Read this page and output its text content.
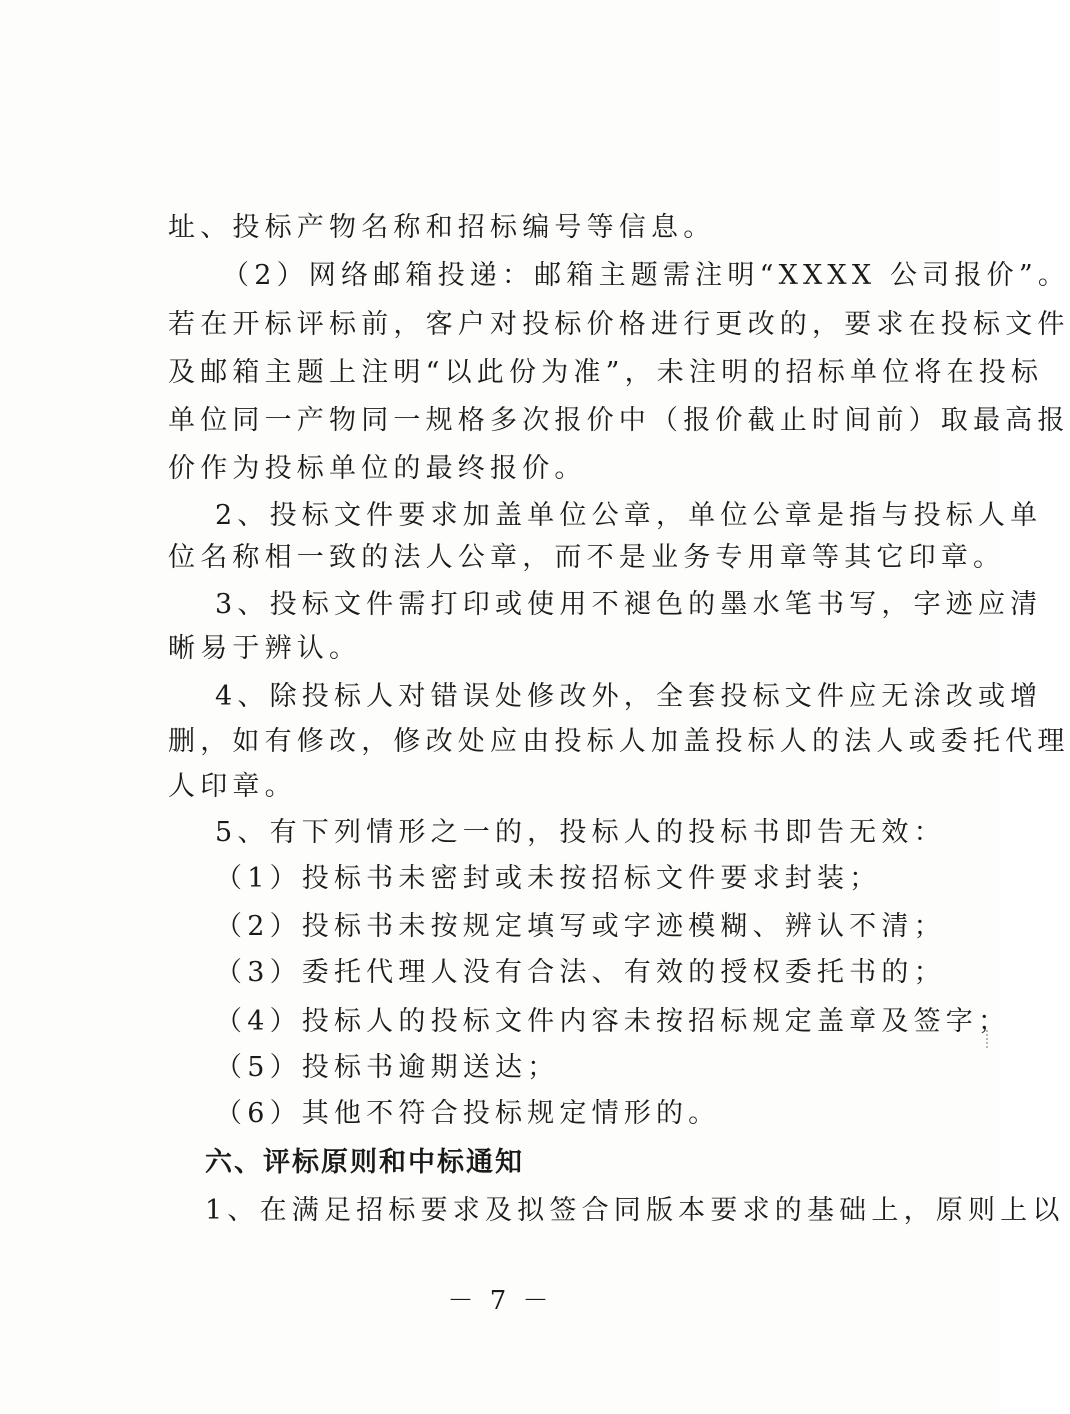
址、投标产物名称和招标编号等信息。
（2）网络邮箱投递：邮箱主题需注明“XXXX 公司报价”。
若在开标评标前，客户对投标价格进行更改的，要求在投标文件
及邮箱主题上注明“以此份为准”，未注明的招标单位将在投标
单位同一产物同一规格多次报价中（报价截止时间前）取最高报
价作为投标单位的最终报价。
2、投标文件要求加盖单位公章，单位公章是指与投标人单
位名称相一致的法人公章，而不是业务专用章等其它印章。
3、投标文件需打印或使用不褪色的墨水笔书写，字迹应清
晰易于辨认。
4、除投标人对错误处修改外，全套投标文件应无涂改或增
删，如有修改，修改处应由投标人加盖投标人的法人或委托代理
人印章。
5、有下列情形之一的，投标人的投标书即告无效：
（1）投标书未密封或未按招标文件要求封装；
（2）投标书未按规定填写或字迹模糊、辨认不清；
（3）委托代理人没有合法、有效的授权委托书的；
（4）投标人的投标文件内容未按招标规定盖章及签字；
（5）投标书逾期送达；
（6）其他不符合投标规定情形的。
六、评标原则和中标通知
1、在满足招标要求及拟签合同版本要求的基础上，原则上以
－ 7 －
